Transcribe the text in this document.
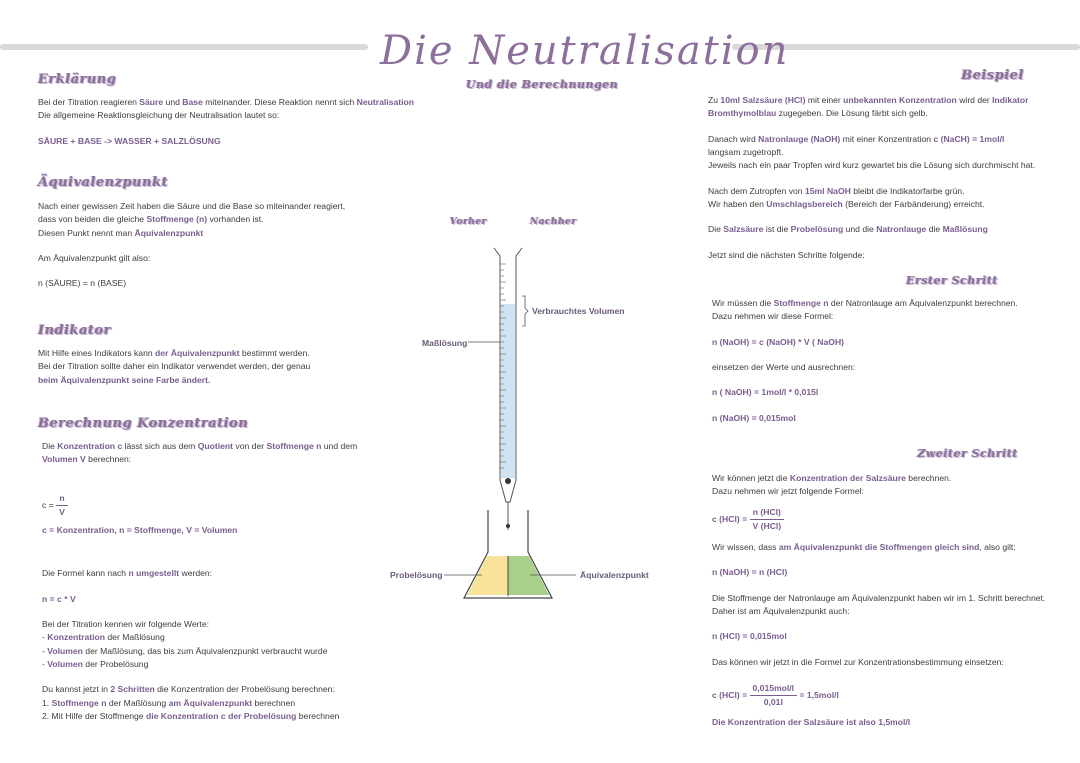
Die Neutralisation
Und die Berechnungen
Erklärung

Bei der Titration reagieren Säure und Base miteinander. Diese Reaktion nennt sich Neutralisation

Die allgemeine Reaktionsgleichung der Neutralisation lautet so:

SÄURE + BASE -> WASSER + SALZLÖSUNG

Äquivalenzpunkt

Nach einer gewissen Zeit haben die Säure und die Base so miteinander reagiert,

dass von beiden die gleiche Stoffmenge (n) vorhanden ist.

Diesen Punkt nennt man Äquivalenzpunkt

Am Äquivalenzpunkt gilt also:

n (SÄURE) = n (BASE)

Indikator

Mit Hilfe eines Indikators kann der Äquivalenzpunkt bestimmt werden.

Bei der Titration sollte daher ein Indikator verwendet werden, der genau

beim Äquivalenzpunkt seine Farbe ändert.

Berechnung Konzentration

Die Konzentration c lässt sich aus dem Quotient von der Stoffmenge n und dem

Volumen V berechnen:

$c = \frac{n}{V}$

c = Konzentration, n = Stoffmenge, V = Volumen

Die Formel kann nach n umgestellt werden:

n = c * V

Bei der Titration kennen wir folgende Werte:

- Konzentration der Maßlösung

- Volumen der Maßlösung, das bis zum Äquivalenzpunkt verbraucht wurde

- Volumen der Probelösung

Du kannst jetzt in 2 Schritten die Konzentration der Probelösung berechnen:

1. Stoffmenge n der Maßlösung am Äquivalenzpunkt berechnen

2. Mit Hilfe der Stoffmenge die Konzentration c der Probelösung berechnen

Vorher	Nachher
Verbrauchtes Volumen
Maßlösung
Probelösung	Äquivalenzpunkt
Beispiel

Zu 10ml Salzsäure (HCl) mit einer unbekannten Konzentration wird der Indikator

Bromthymolblau zugegeben. Die Lösung färbt sich gelb.

Danach wird Natronlauge (NaOH) mit einer Konzentration c (NaCH) = 1mol/l

langsam zugetropft.

Jeweils nach ein paar Tropfen wird kurz gewartet bis die Lösung sich durchmischt hat.

Nach dem Zutropfen von 15ml NaOH bleibt die Indikatorfarbe grün.

Wir haben den Umschlagsbereich (Bereich der Farbänderung) erreicht.

Die Salzsäure ist die Probelösung und die Natronlauge die Maßlösung

Jetzt sind die nächsten Schritte folgende:

Erster Schritt

Wir müssen die Stoffmenge n der Natronlauge am Äquivalenzpunkt berechnen.

Dazu nehmen wir diese Formel:

n (NaOH) = c (NaOH) * V ( NaOH)

einsetzen der Werte und ausrechnen:

n ( NaOH) = 1mol/l * 0,015l

n (NaOH) = 0,015mol

Zweiter Schritt

Wir können jetzt die Konzentration der Salzsäure berechnen.

Dazu nehmen wir jetzt folgende Formel:

c $(HCl) = \frac{\text{n (HCl)}}{\text{V (HCl)}}$

Wir wissen, dass am Äquivalenzpunkt die Stoffmengen gleich sind, also gilt:

n (NaOH) = n (HCl)

Die Stoffmenge der Natronlauge am Äquivalenzpunkt haben wir im 1. Schritt berechnet.

Daher ist am Äquivalenzpunkt auch:

n (HCl) = 0,015mol

Das können wir jetzt in die Formel zur Konzentrationsbestimmung einsetzen:

c $(HCl) = \frac{\text{0,015mol/l}}{0,01l} = 1,5mol/l$

Die Konzentration der Salzsäure ist also 1,5mol/l
